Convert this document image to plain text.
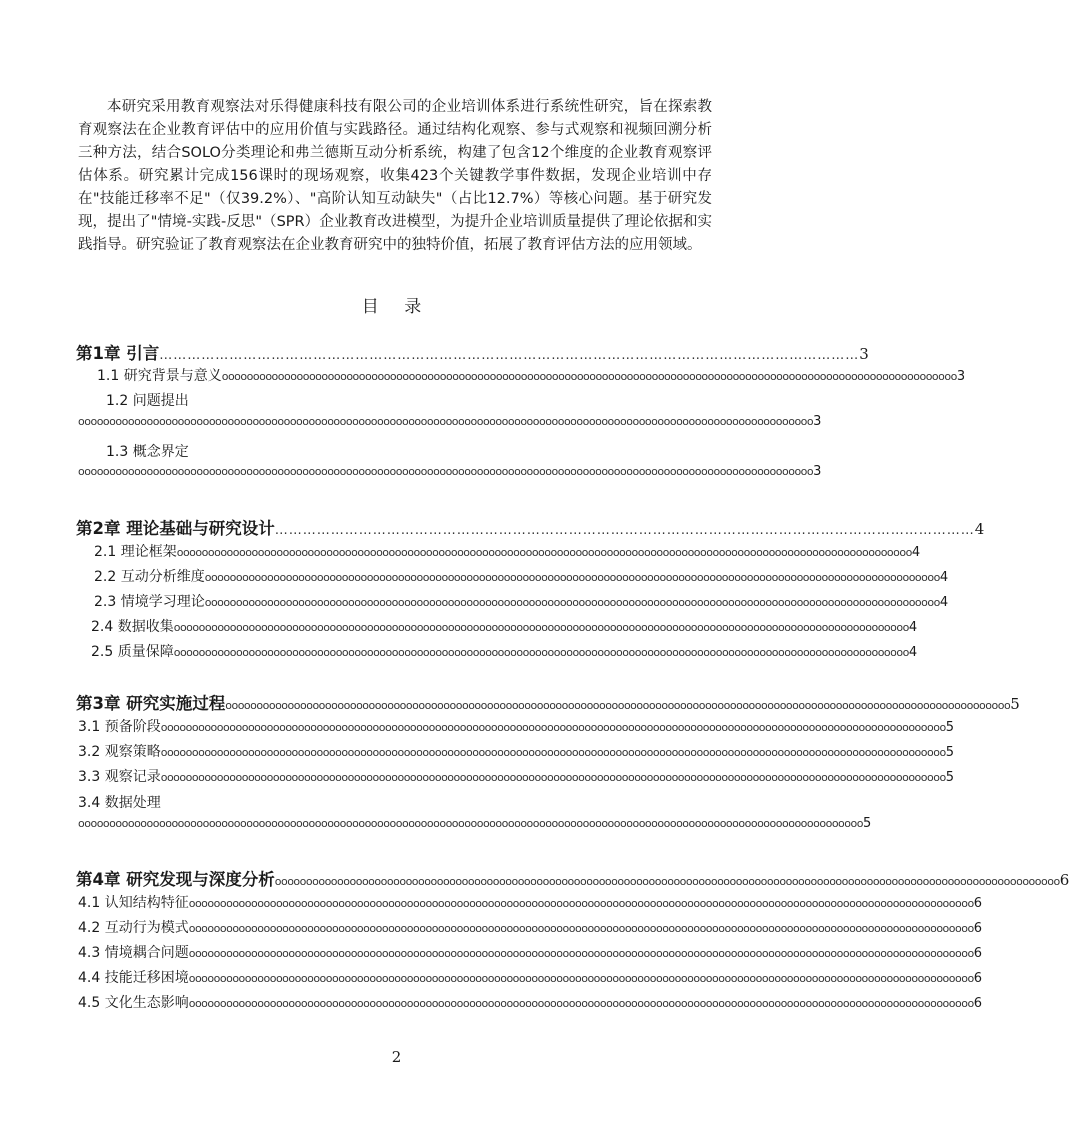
本研究采用教育观察法对乐得健康科技有限公司的企业培训体系进行系统性研究，旨在探索教育观察法在企业教育评估中的应用价值与实践路径。通过结构化观察、参与式观察和视频回溯分析三种方法，结合SOLO分类理论和弗兰德斯互动分析系统，构建了包含12个维度的企业教育观察评估体系。研究累计完成156课时的现场观察，收集423个关键教学事件数据，发现企业培训中存在"技能迁移率不足"（仅39.2%）、"高阶认知互动缺失"（占比12.7%）等核心问题。基于研究发现，提出了"情境-实践-反思"（SPR）企业教育改进模型，为提升企业培训质量提供了理论依据和实践指导。研究验证了教育观察法在企业教育研究中的独特价值，拓展了教育评估方法的应用领域。
目 录
第1章 引言 …………………………………………………………………………………………………………………………………… 3
1.1 研究背景与意义 oooooooooooooooooooooooooooooooooooooooooooooooooooooooooooooooooooooooooooooooooooooooooooooooooooooooooooooooooooooo 3
1.2 问题提出
oooooooooooooooooooooooooooooooooooooooooooooooooooooooooooooooooooooooooooooooooooooooooooooooooooooooooooooooooooooo 3
1.3 概念界定
oooooooooooooooooooooooooooooooooooooooooooooooooooooooooooooooooooooooooooooooooooooooooooooooooooooooooooooooooooooo 3
第2章 理论基础与研究设计 …………………………………………………………………………………………………………………………………… 4
2.1 理论框架 oooooooooooooooooooooooooooooooooooooooooooooooooooooooooooooooooooooooooooooooooooooooooooooooooooooooooooooooooooooo 4
2.2 互动分析维度 oooooooooooooooooooooooooooooooooooooooooooooooooooooooooooooooooooooooooooooooooooooooooooooooooooooooooooooooooooooo 4
2.3 情境学习理论 oooooooooooooooooooooooooooooooooooooooooooooooooooooooooooooooooooooooooooooooooooooooooooooooooooooooooooooooooooooo 4
2.4 数据收集 oooooooooooooooooooooooooooooooooooooooooooooooooooooooooooooooooooooooooooooooooooooooooooooooooooooooooooooooooooooo 4
2.5 质量保障 oooooooooooooooooooooooooooooooooooooooooooooooooooooooooooooooooooooooooooooooooooooooooooooooooooooooooooooooooooooo 4
第3章 研究实施过程 oooooooooooooooooooooooooooooooooooooooooooooooooooooooooooooooooooooooooooooooooooooooooooooooooooooooooooooooooooooooooooooo 5
3.1 预备阶段 oooooooooooooooooooooooooooooooooooooooooooooooooooooooooooooooooooooooooooooooooooooooooooooooooooooooooooooooooooooooooooooo 5
3.2 观察策略 oooooooooooooooooooooooooooooooooooooooooooooooooooooooooooooooooooooooooooooooooooooooooooooooooooooooooooooooooooooooooooooo 5
3.3 观察记录 oooooooooooooooooooooooooooooooooooooooooooooooooooooooooooooooooooooooooooooooooooooooooooooooooooooooooooooooooooooooooooooo 5
3.4 数据处理
oooooooooooooooooooooooooooooooooooooooooooooooooooooooooooooooooooooooooooooooooooooooooooooooooooooooooooooooooooooooooooooo 5
第4章 研究发现与深度分析 oooooooooooooooooooooooooooooooooooooooooooooooooooooooooooooooooooooooooooooooooooooooooooooooooooooooooooooooooooooooooooooo 6
4.1 认知结构特征 oooooooooooooooooooooooooooooooooooooooooooooooooooooooooooooooooooooooooooooooooooooooooooooooooooooooooooooooooooooooooooooo 6
4.2 互动行为模式 oooooooooooooooooooooooooooooooooooooooooooooooooooooooooooooooooooooooooooooooooooooooooooooooooooooooooooooooooooooooooooooo 6
4.3 情境耦合问题 oooooooooooooooooooooooooooooooooooooooooooooooooooooooooooooooooooooooooooooooooooooooooooooooooooooooooooooooooooooooooooooo 6
4.4 技能迁移困境 oooooooooooooooooooooooooooooooooooooooooooooooooooooooooooooooooooooooooooooooooooooooooooooooooooooooooooooooooooooooooooooo 6
4.5 文化生态影响 oooooooooooooooooooooooooooooooooooooooooooooooooooooooooooooooooooooooooooooooooooooooooooooooooooooooooooooooooooooooooooooo 6
2
